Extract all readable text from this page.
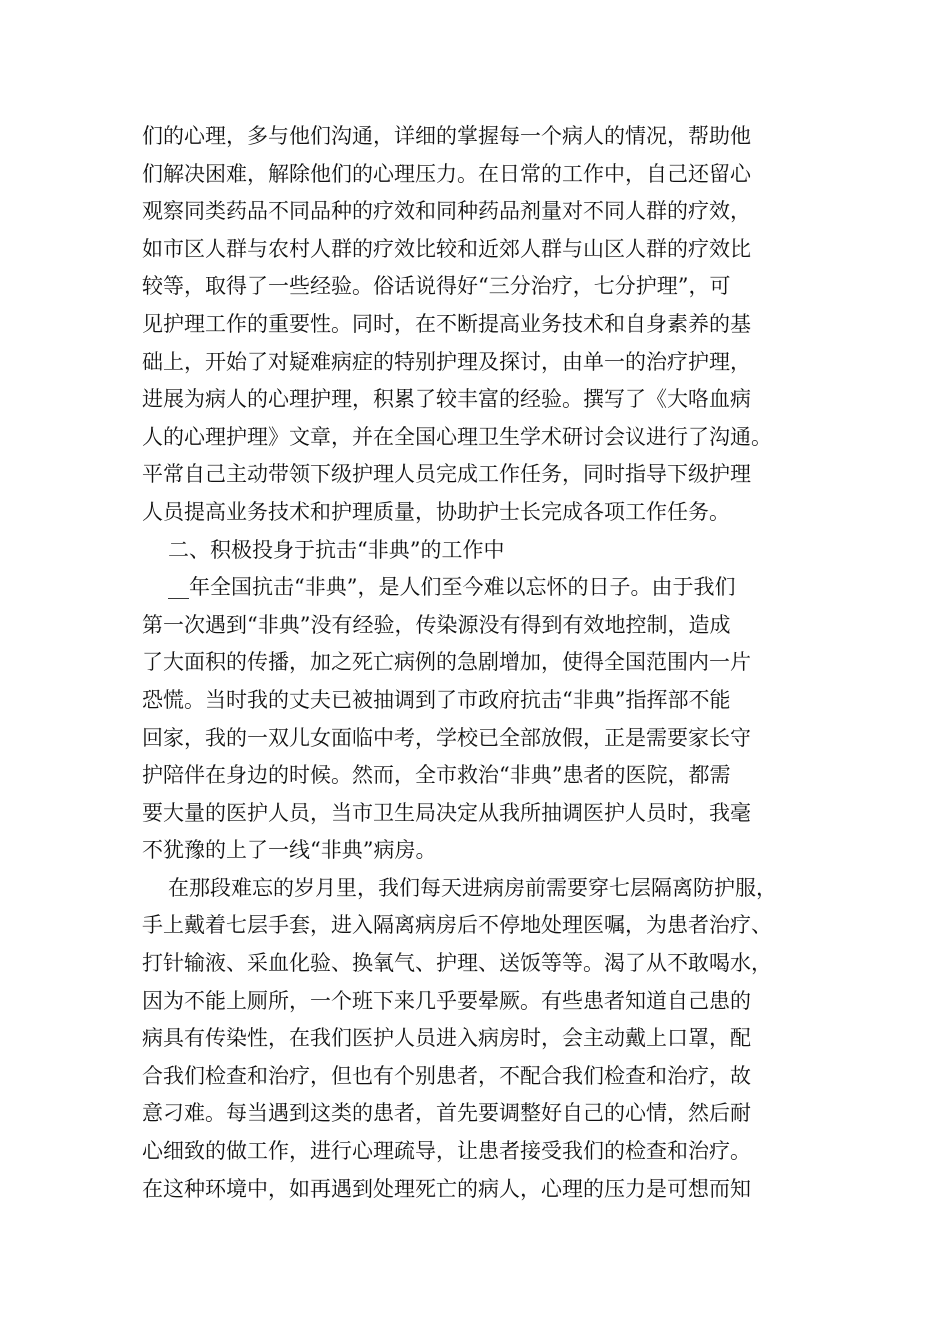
们的心理，多与他们沟通，详细的掌握每一个病人的情况，帮助他
们解决困难，解除他们的心理压力。在日常的工作中，自己还留心
观察同类药品不同品种的疗效和同种药品剂量对不同人群的疗效，
如市区人群与农村人群的疗效比较和近郊人群与山区人群的疗效比
较等，取得了一些经验。俗话说得好“三分治疗，七分护理”，可
见护理工作的重要性。同时，在不断提高业务技术和自身素养的基
础上，开始了对疑难病症的特别护理及探讨，由单一的治疗护理，
进展为病人的心理护理，积累了较丰富的经验。撰写了《大咯血病
人的心理护理》文章，并在全国心理卫生学术研讨会议进行了沟通。
平常自己主动带领下级护理人员完成工作任务，同时指导下级护理
人员提高业务技术和护理质量，协助护士长完成各项工作任务。
二、积极投身于抗击“非典”的工作中
__年全国抗击“非典”，是人们至今难以忘怀的日子。由于我们
第一次遇到“非典”没有经验，传染源没有得到有效地控制，造成
了大面积的传播，加之死亡病例的急剧增加，使得全国范围内一片
恐慌。当时我的丈夫已被抽调到了市政府抗击“非典”指挥部不能
回家，我的一双儿女面临中考，学校已全部放假，正是需要家长守
护陪伴在身边的时候。然而，全市救治“非典”患者的医院，都需
要大量的医护人员，当市卫生局决定从我所抽调医护人员时，我毫
不犹豫的上了一线“非典”病房。
在那段难忘的岁月里，我们每天进病房前需要穿七层隔离防护服，
手上戴着七层手套，进入隔离病房后不停地处理医嘱，为患者治疗、
打针输液、采血化验、换氧气、护理、送饭等等。渴了从不敢喝水，
因为不能上厕所，一个班下来几乎要晕厥。有些患者知道自己患的
病具有传染性，在我们医护人员进入病房时，会主动戴上口罩，配
合我们检查和治疗，但也有个别患者，不配合我们检查和治疗，故
意刁难。每当遇到这类的患者，首先要调整好自己的心情，然后耐
心细致的做工作，进行心理疏导，让患者接受我们的检查和治疗。
在这种环境中，如再遇到处理死亡的病人，心理的压力是可想而知
